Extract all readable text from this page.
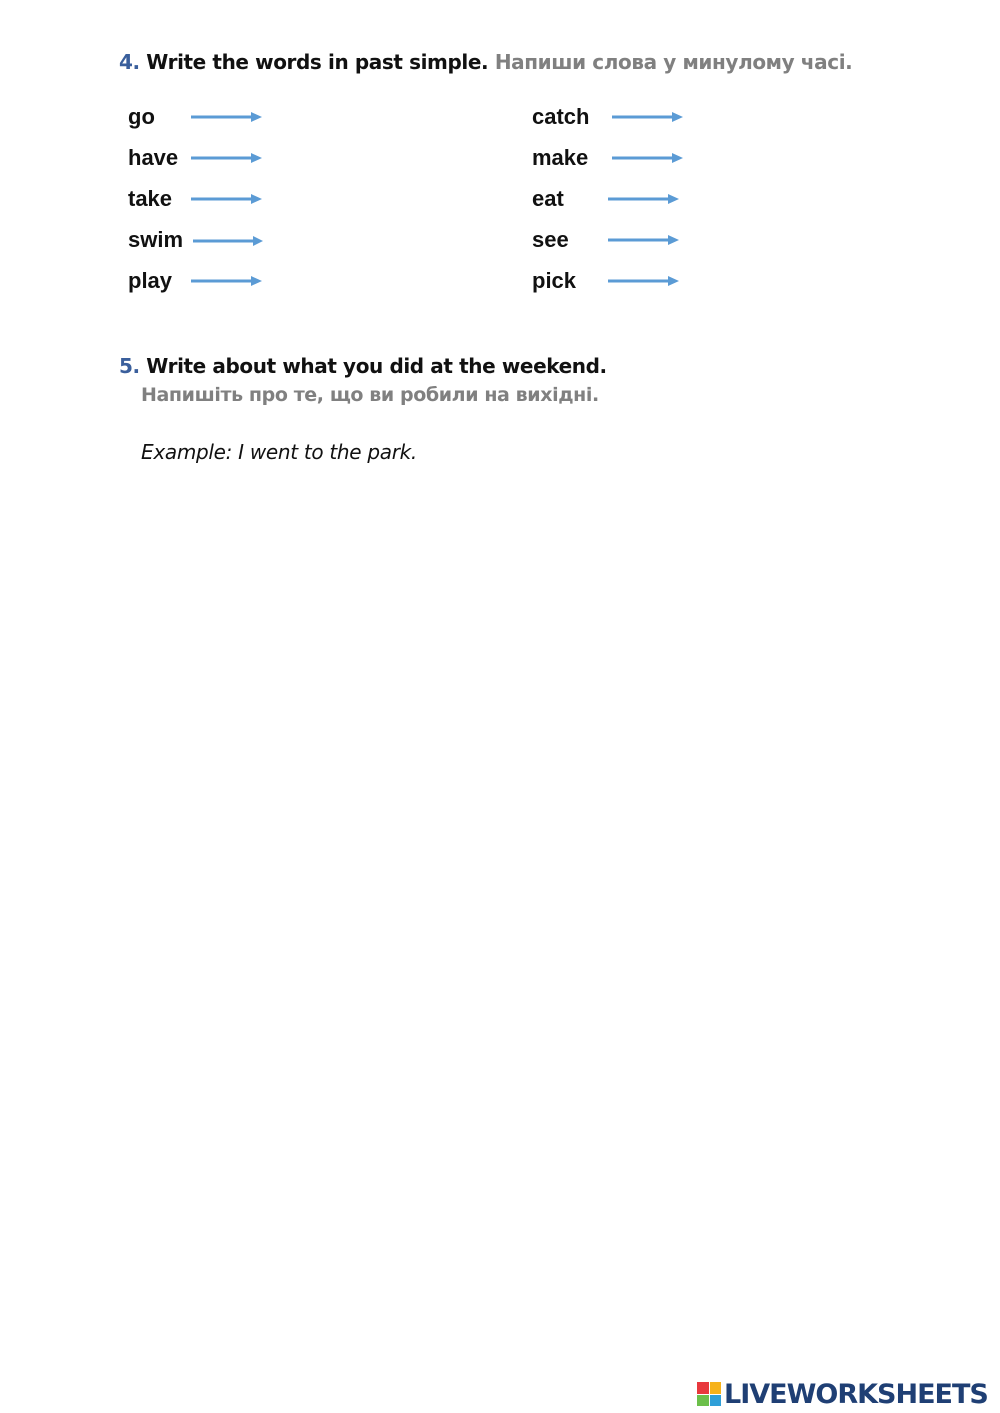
4. Write the words in past simple. Напиши слова у минулому часі.
go
have
take
swim
play
catch
make
eat
see
pick
5. Write about what you did at the weekend.
Напишіть про те, що ви робили на вихідні.
Example: I went to the park.
LIVEWORKSHEETS
